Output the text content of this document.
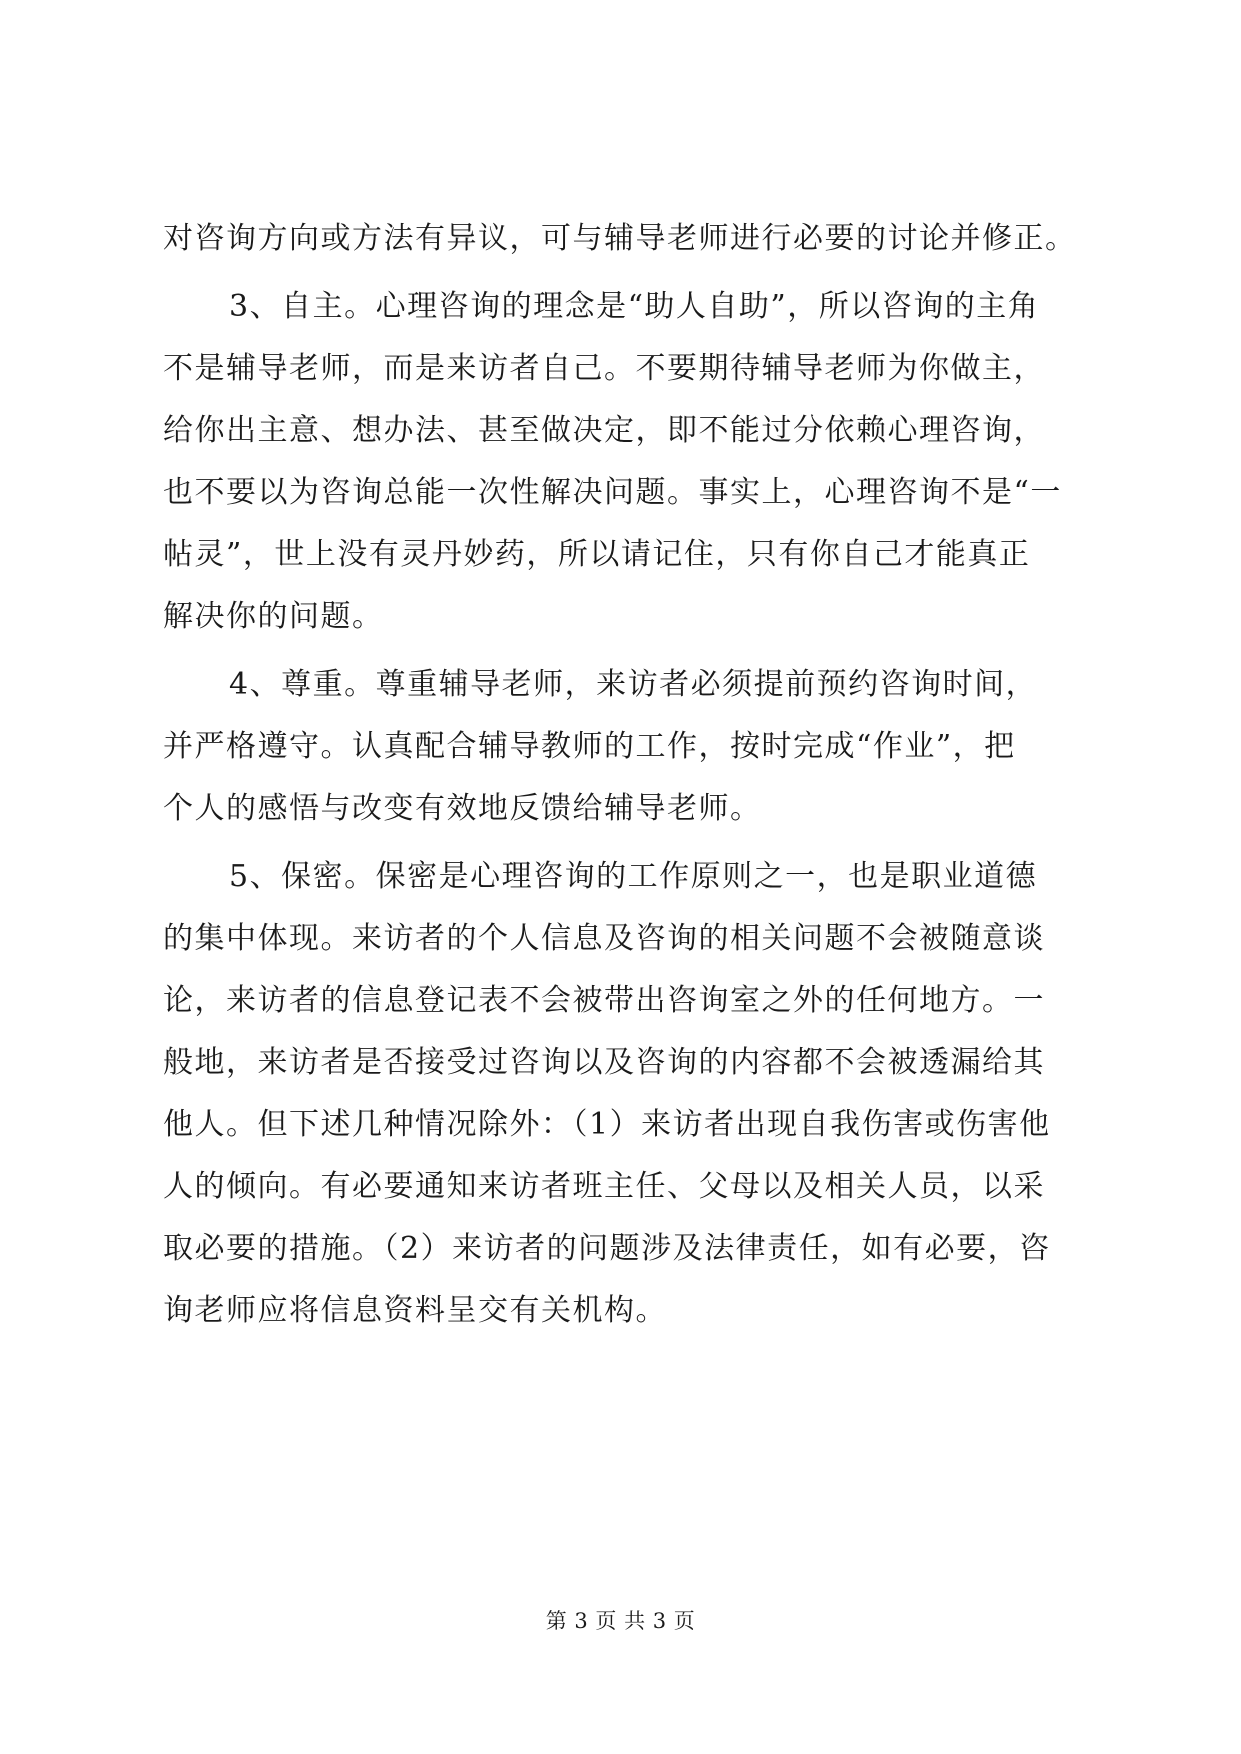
对咨询方向或方法有异议，可与辅导老师进行必要的讨论并修正。
3、自主。心理咨询的理念是“助人自助”，所以咨询的主角
不是辅导老师，而是来访者自己。不要期待辅导老师为你做主，
给你出主意、想办法、甚至做决定，即不能过分依赖心理咨询，
也不要以为咨询总能一次性解决问题。事实上，心理咨询不是“一
帖灵”，世上没有灵丹妙药，所以请记住，只有你自己才能真正
解决你的问题。
4、尊重。尊重辅导老师，来访者必须提前预约咨询时间，
并严格遵守。认真配合辅导教师的工作，按时完成“作业”，把
个人的感悟与改变有效地反馈给辅导老师。
5、保密。保密是心理咨询的工作原则之一，也是职业道德
的集中体现。来访者的个人信息及咨询的相关问题不会被随意谈
论，来访者的信息登记表不会被带出咨询室之外的任何地方。一
般地，来访者是否接受过咨询以及咨询的内容都不会被透漏给其
他人。但下述几种情况除外：（1）来访者出现自我伤害或伤害他
人的倾向。有必要通知来访者班主任、父母以及相关人员，以采
取必要的措施。（2）来访者的问题涉及法律责任，如有必要，咨
询老师应将信息资料呈交有关机构。
第 3 页 共 3 页
